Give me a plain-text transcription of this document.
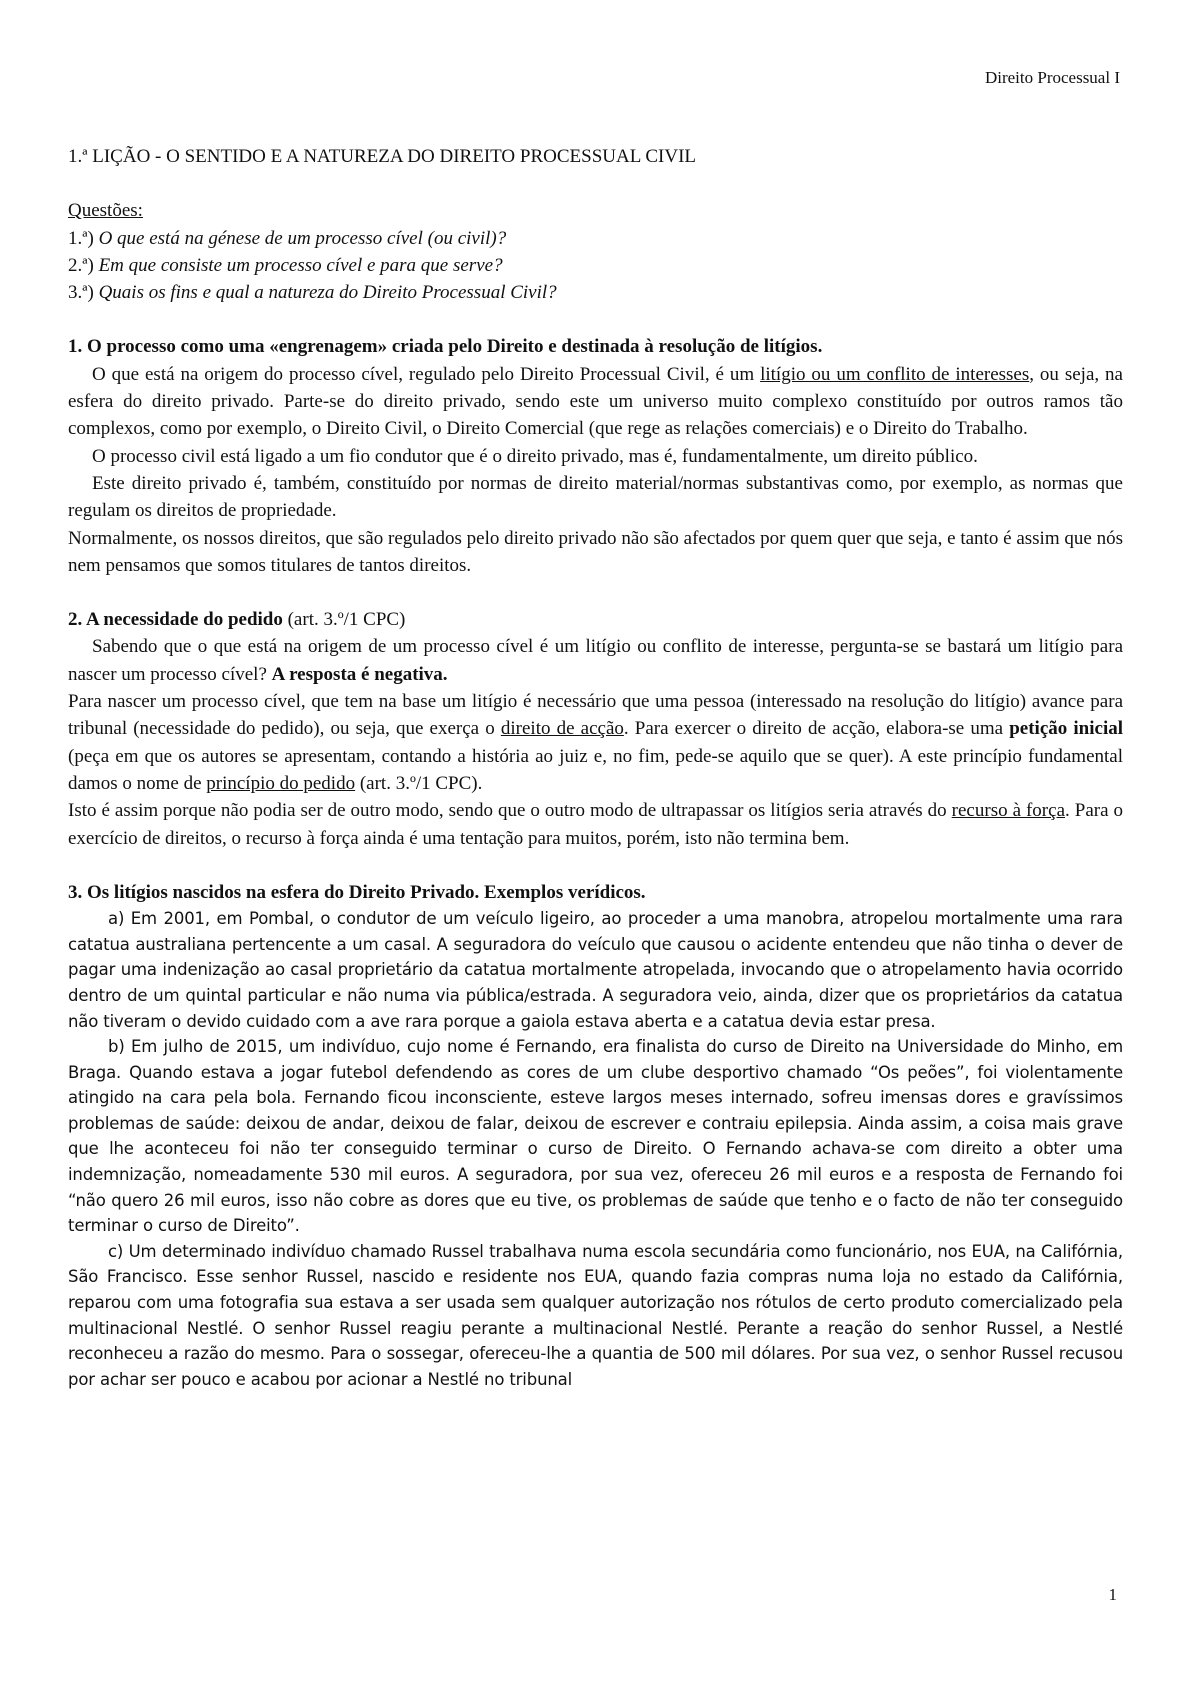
Direito Processual I

1.ª LIÇÃO - O SENTIDO E A NATUREZA DO DIREITO PROCESSUAL CIVIL

Questões:

1.ª) O que está na génese de um processo cível (ou civil)?

2.ª) Em que consiste um processo cível e para que serve?

3.ª) Quais os fins e qual a natureza do Direito Processual Civil?

1. O processo como uma «engrenagem» criada pelo Direito e destinada à resolução de litígios.

O que está na origem do processo cível, regulado pelo Direito Processual Civil, é um litígio ou um conflito de interesses, ou seja, na esfera do direito privado. Parte-se do direito privado, sendo este um universo muito complexo constituído por outros ramos tão complexos, como por exemplo, o Direito Civil, o Direito Comercial (que rege as relações comerciais) e o Direito do Trabalho.

O processo civil está ligado a um fio condutor que é o direito privado, mas é, fundamentalmente, um direito público.

Este direito privado é, também, constituído por normas de direito material/normas substantivas como, por exemplo, as normas que regulam os direitos de propriedade.

Normalmente, os nossos direitos, que são regulados pelo direito privado não são afectados por quem quer que seja, e tanto é assim que nós nem pensamos que somos titulares de tantos direitos.

2. A necessidade do pedido (art. 3.º/1 CPC)

Sabendo que o que está na origem de um processo cível é um litígio ou conflito de interesse, pergunta-se se bastará um litígio para nascer um processo cível? A resposta é negativa.

Para nascer um processo cível, que tem na base um litígio é necessário que uma pessoa (interessado na resolução do litígio) avance para tribunal (necessidade do pedido), ou seja, que exerça o direito de acção. Para exercer o direito de acção, elabora-se uma petição inicial (peça em que os autores se apresentam, contando a história ao juiz e, no fim, pede-se aquilo que se quer). A este princípio fundamental damos o nome de princípio do pedido (art. 3.º/1 CPC).

Isto é assim porque não podia ser de outro modo, sendo que o outro modo de ultrapassar os litígios seria através do recurso à força. Para o exercício de direitos, o recurso à força ainda é uma tentação para muitos, porém, isto não termina bem.

3. Os litígios nascidos na esfera do Direito Privado. Exemplos verídicos.

a) Em 2001, em Pombal, o condutor de um veículo ligeiro, ao proceder a uma manobra, atropelou mortalmente uma rara catatua australiana pertencente a um casal. A seguradora do veículo que causou o acidente entendeu que não tinha o dever de pagar uma indenização ao casal proprietário da catatua mortalmente atropelada, invocando que o atropelamento havia ocorrido dentro de um quintal particular e não numa via pública/estrada. A seguradora veio, ainda, dizer que os proprietários da catatua não tiveram o devido cuidado com a ave rara porque a gaiola estava aberta e a catatua devia estar presa.

b) Em julho de 2015, um indivíduo, cujo nome é Fernando, era finalista do curso de Direito na Universidade do Minho, em Braga. Quando estava a jogar futebol defendendo as cores de um clube desportivo chamado “Os peões”, foi violentamente atingido na cara pela bola. Fernando ficou inconsciente, esteve largos meses internado, sofreu imensas dores e gravíssimos problemas de saúde: deixou de andar, deixou de falar, deixou de escrever e contraiu epilepsia. Ainda assim, a coisa mais grave que lhe aconteceu foi não ter conseguido terminar o curso de Direito. O Fernando achava-se com direito a obter uma indemnização, nomeadamente 530 mil euros. A seguradora, por sua vez, ofereceu 26 mil euros e a resposta de Fernando foi “não quero 26 mil euros, isso não cobre as dores que eu tive, os problemas de saúde que tenho e o facto de não ter conseguido terminar o curso de Direito”.

c) Um determinado indivíduo chamado Russel trabalhava numa escola secundária como funcionário, nos EUA, na Califórnia, São Francisco. Esse senhor Russel, nascido e residente nos EUA, quando fazia compras numa loja no estado da Califórnia, reparou com uma fotografia sua estava a ser usada sem qualquer autorização nos rótulos de certo produto comercializado pela multinacional Nestlé. O senhor Russel reagiu perante a multinacional Nestlé. Perante a reação do senhor Russel, a Nestlé reconheceu a razão do mesmo. Para o sossegar, ofereceu-lhe a quantia de 500 mil dólares. Por sua vez, o senhor Russel recusou por achar ser pouco e acabou por acionar a Nestlé no tribunal

1
